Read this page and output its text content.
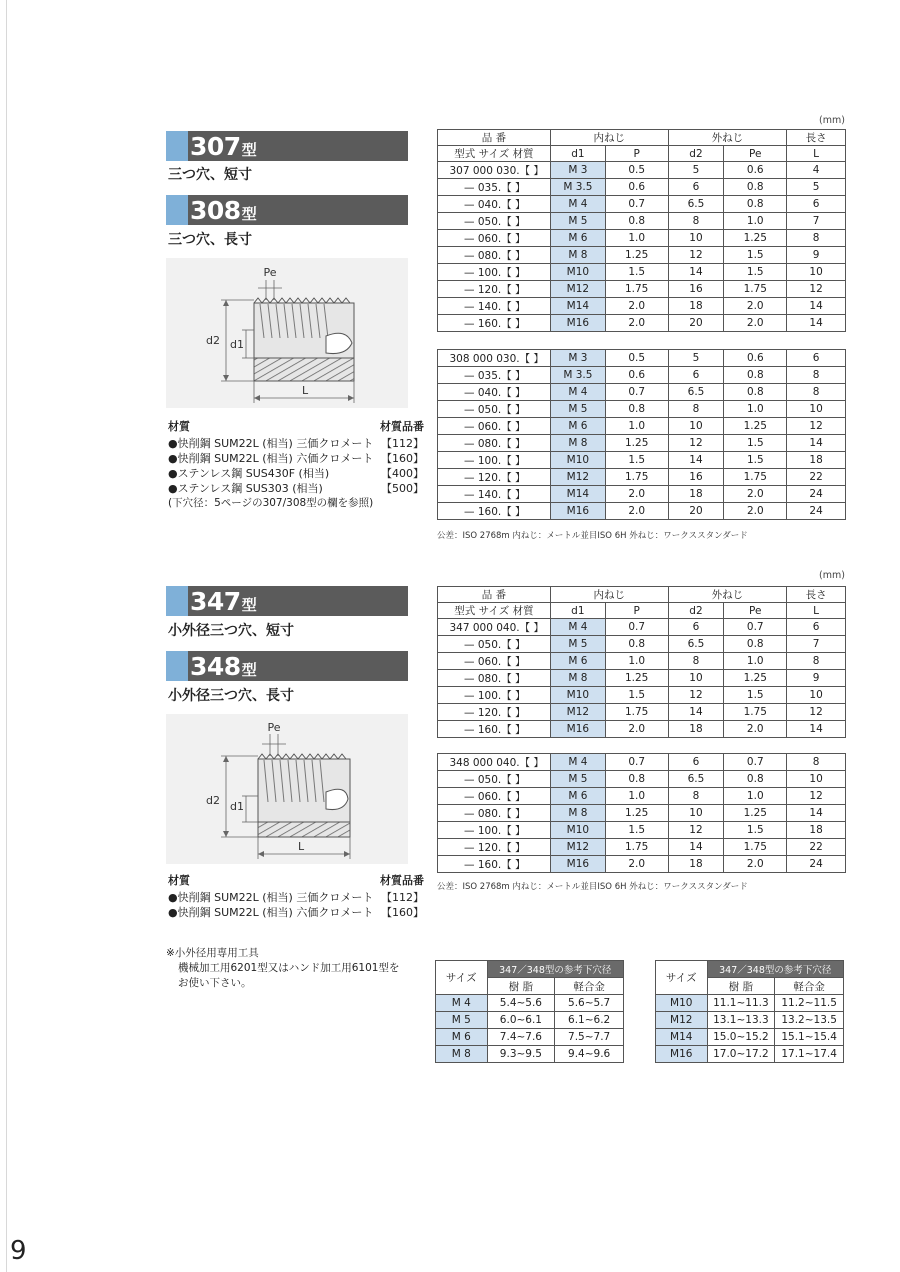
307型
三つ穴、短寸
308型
三つ穴、長寸
Pe
d2 d1
L
材質	材質品番
●快削鋼 SUM22L (相当) 三価クロメート 【112】
●快削鋼 SUM22L (相当) 六価クロメート 【160】
●ステンレス鋼 SUS430F (相当)	【400】
●ステンレス鋼 SUS303 (相当)	【500】
(下穴径：5ページの307/308型の欄を参照)
(mm)
品 番	内ねじ		外ねじ		長さ
型式 サイズ 材質	d1	P	d2	Pe	L
307 000 030.【 】	M 3	0.5	5	0.6	4
— 035.【 】	M 3.5	0.6	6	0.8	5
— 040.【 】	M 4	0.7	6.5	0.8	6
— 050.【 】	M 5	0.8	8	1.0	7
— 060.【 】	M 6	1.0	10	1.25	8
— 080.【 】	M 8	1.25	12	1.5	9
— 100.【 】	M10	1.5	14	1.5	10
— 120.【 】	M12	1.75	16	1.75	12
— 140.【 】	M14	2.0	18	2.0	14
— 160.【 】	M16	2.0	20	2.0	14
308 000 030.【 】	M 3	0.5	5	0.6	6
— 035.【 】	M 3.5	0.6	6	0.8	8
— 040.【 】	M 4	0.7	6.5	0.8	8
— 050.【 】	M 5	0.8	8	1.0	10
— 060.【 】	M 6	1.0	10	1.25	12
— 080.【 】	M 8	1.25	12	1.5	14
— 100.【 】	M10	1.5	14	1.5	18
— 120.【 】	M12	1.75	16	1.75	22
— 140.【 】	M14	2.0	18	2.0	24
— 160.【 】	M16	2.0	20	2.0	24
公差：ISO 2768m 内ねじ：メートル並目ISO 6H 外ねじ：ワークススタンダード
347型
小外径三つ穴、短寸
348型
小外径三つ穴、長寸
Pe
d2 d1
L
材質	材質品番
●快削鋼 SUM22L (相当) 三価クロメート 【112】
●快削鋼 SUM22L (相当) 六価クロメート 【160】
(mm)
品 番	内ねじ		外ねじ		長さ
型式 サイズ 材質	d1	P	d2	Pe	L
347 000 040.【 】	M 4	0.7	6	0.7	6
— 050.【 】	M 5	0.8	6.5	0.8	7
— 060.【 】	M 6	1.0	8	1.0	8
— 080.【 】	M 8	1.25	10	1.25	9
— 100.【 】	M10	1.5	12	1.5	10
— 120.【 】	M12	1.75	14	1.75	12
— 160.【 】	M16	2.0	18	2.0	14
348 000 040.【 】	M 4	0.7	6	0.7	8
— 050.【 】	M 5	0.8	6.5	0.8	10
— 060.【 】	M 6	1.0	8	1.0	12
— 080.【 】	M 8	1.25	10	1.25	14
— 100.【 】	M10	1.5	12	1.5	18
— 120.【 】	M12	1.75	14	1.75	22
— 160.【 】	M16	2.0	18	2.0	24
公差：ISO 2768m 内ねじ：メートル並目ISO 6H 外ねじ：ワークススタンダード
※小外径用専用工具
機械加工用6201型又はハンド加工用6101型を
お使い下さい。	サイズ	347／348型の参考下穴径	
	樹 脂	軽合金
M 4	5.4~5.6	5.6~5.7
M 5	6.0~6.1	6.1~6.2
M 6	7.4~7.6	7.5~7.7
M 8	9.3~9.5	9.4~9.6
サイズ	347／348型の参考下穴径	
	樹 脂	軽合金
M10	11.1~11.3	11.2~11.5
M12	13.1~13.3	13.2~13.5
M14	15.0~15.2	15.1~15.4
M16	17.0~17.2	17.1~17.4
9
